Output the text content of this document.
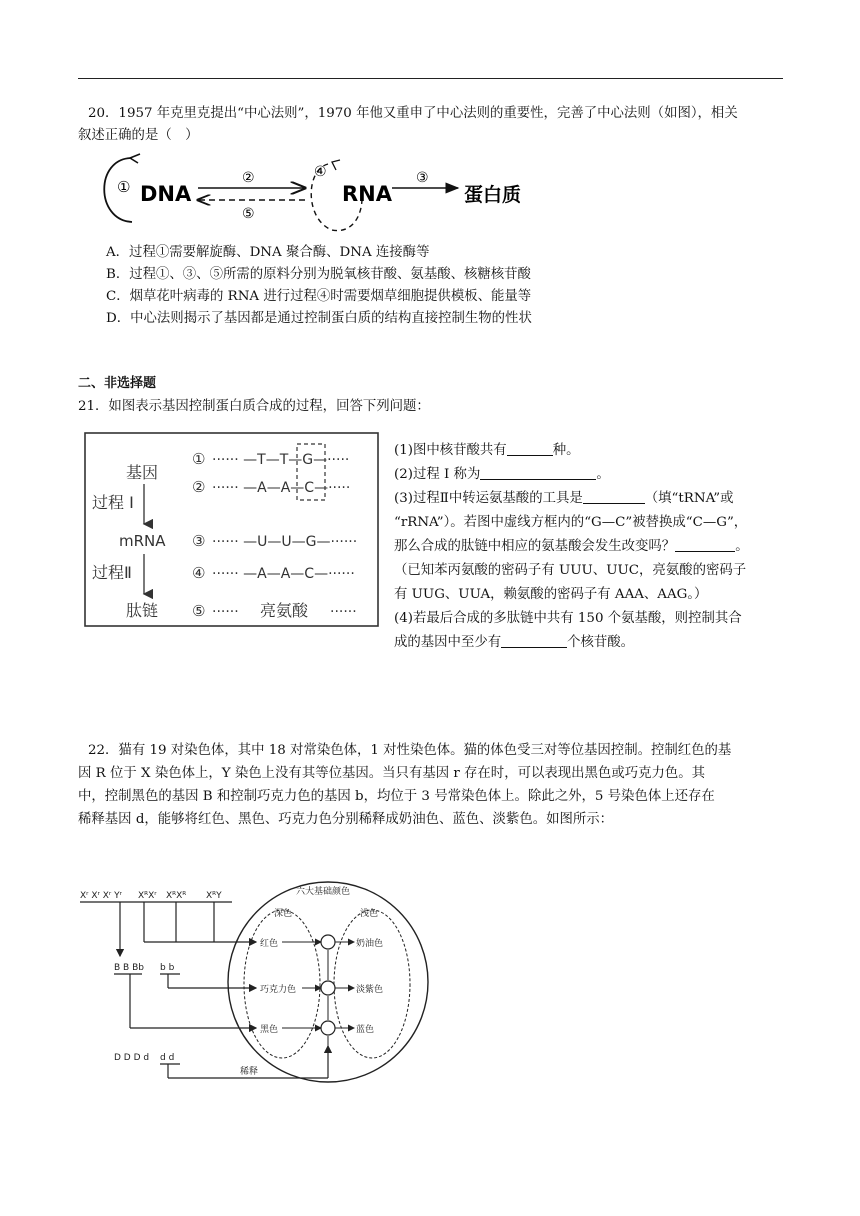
20．1957 年克里克提出“中心法则”，1970 年他又重申了中心法则的重要性，完善了中心法则（如图），相关
叙述正确的是（　）
① DNA
②
⑤
④
RNA
③
蛋白质
A．过程①需要解旋酶、DNA 聚合酶、DNA 连接酶等
B．过程①、③、⑤所需的原料分别为脱氧核苷酸、氨基酸、核糖核苷酸
C．烟草花叶病毒的 RNA 进行过程④时需要烟草细胞提供模板、能量等
D．中心法则揭示了基因都是通过控制蛋白质的结构直接控制生物的性状
二、非选择题
21．如图表示基因控制蛋白质合成的过程，回答下列问题：
基因
过程 I
mRNA
过程Ⅱ
肽链
① ······ —T—T—G—·····
② ······ —A—A—C—·····
③ ······ —U—U—G—······
④ ······ —A—A—C—······
⑤ ······ 亮氨酸 ······
(1)图中核苷酸共有	种。
(2)过程 I 称为	。
(3)过程Ⅱ中转运氨基酸的工具是	（填“tRNA”或
“rRNA”）。若图中虚线方框内的“G—C”被替换成“C—G”，
那么合成的肽链中相应的氨基酸会发生改变吗？	。
（已知苯丙氨酸的密码子有 UUU、UUC，亮氨酸的密码子
有 UUG、UUA，赖氨酸的密码子有 AAA、AAG。）
(4)若最后合成的多肽链中共有 150 个氨基酸，则控制其合
成的基因中至少有	个核苷酸。
22．猫有 19 对染色体，其中 18 对常染色体，1 对性染色体。猫的体色受三对等位基因控制。控制红色的基
因 R 位于 X 染色体上，Y 染色上没有其等位基因。当只有基因 r 存在时，可以表现出黑色或巧克力色。其
中，控制黑色的基因 B 和控制巧克力色的基因 b，均位于 3 号常染色体上。除此之外，5 号染色体上还存在
稀释基因 d，能够将红色、黑色、巧克力色分别稀释成奶油色、蓝色、淡紫色。如图所示：
Xʳ Xʳ Xʳ Yʳ XᴿXʳ XᴿXᴿ XᴿY
B B Bb b b
D D D d d d
稀释
六大基础颜色
深色	浅色
红色	奶油色
巧克力色	淡紫色
黑色	蓝色
